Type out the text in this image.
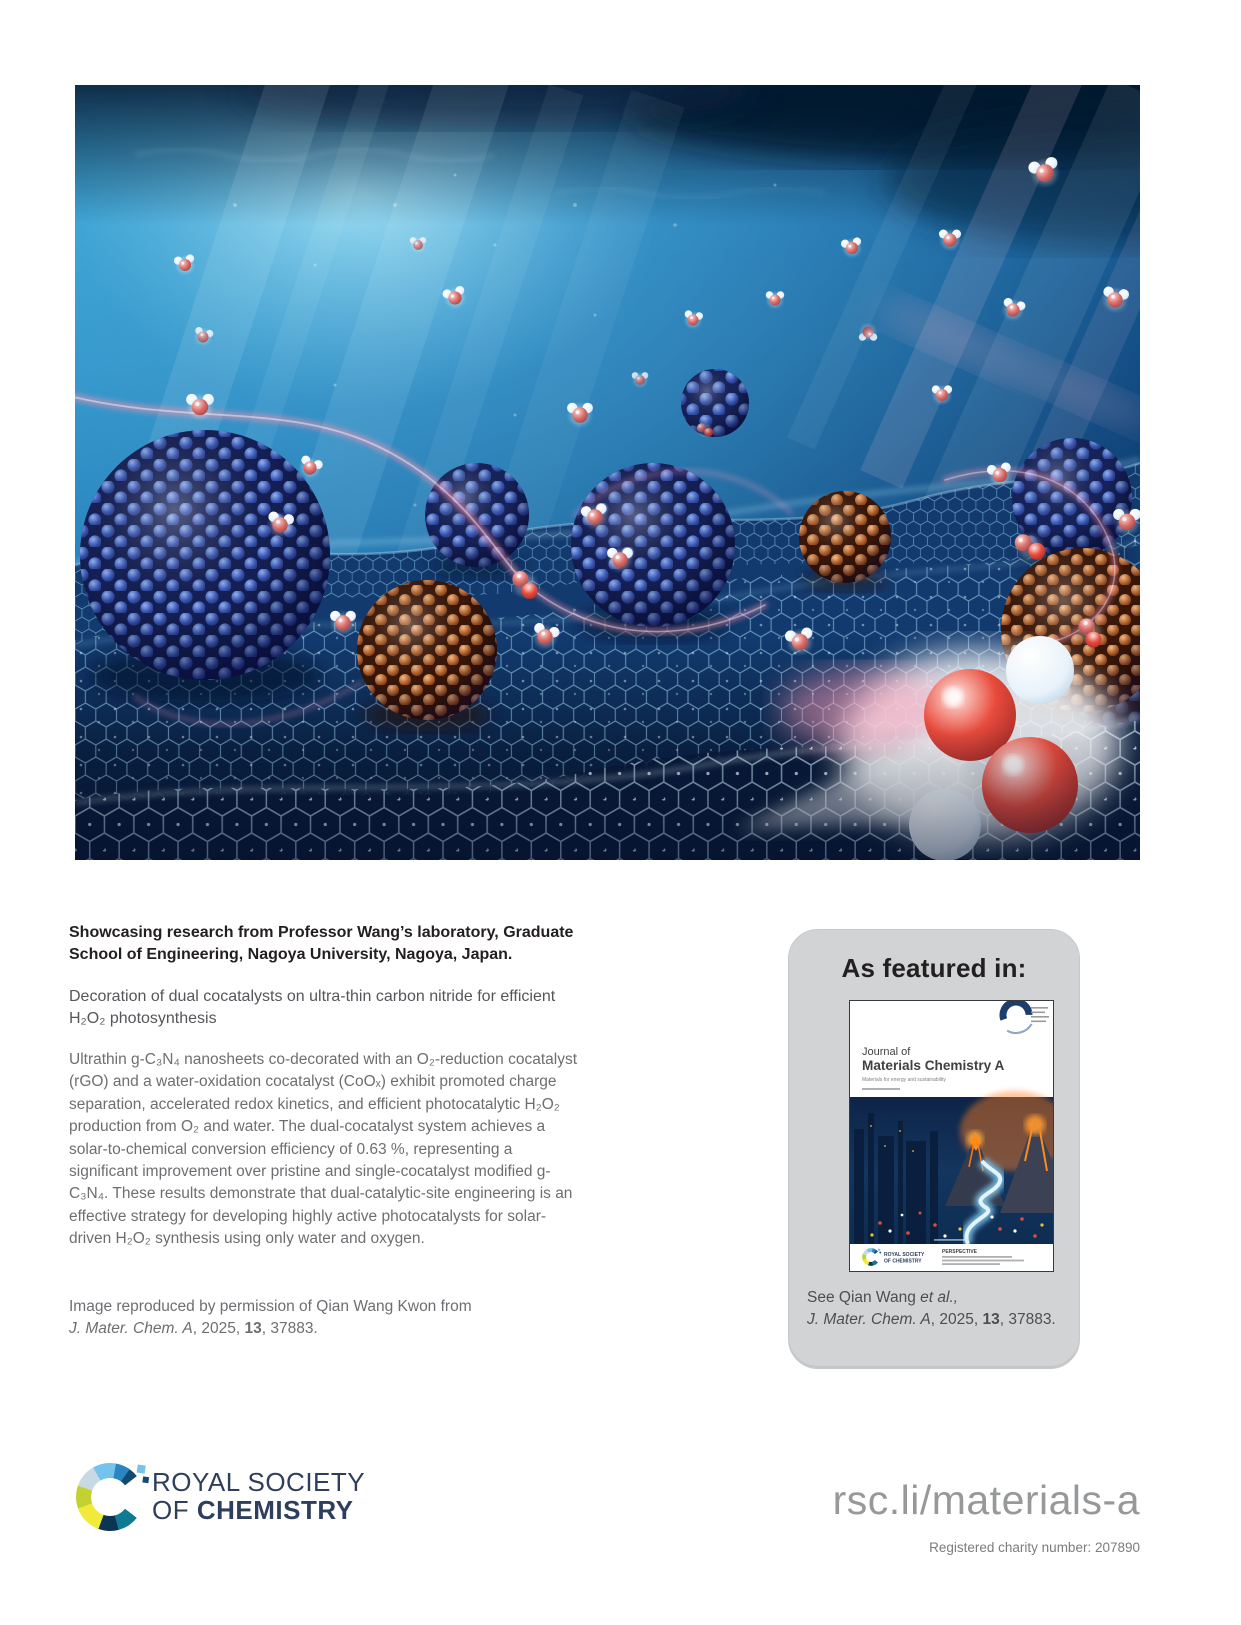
Showcasing research from Professor Wang’s laboratory, Graduate School of Engineering, Nagoya University, Nagoya, Japan.
Decoration of dual cocatalysts on ultra-thin carbon nitride for efficient H₂O₂ photosynthesis
Ultrathin g-C₃N₄ nanosheets co-decorated with an O₂-reduction cocatalyst (rGO) and a water-oxidation cocatalyst (CoOₓ) exhibit promoted charge separation, accelerated redox kinetics, and efficient photocatalytic H₂O₂ production from O₂ and water. The dual-cocatalyst system achieves a solar-to-chemical conversion efficiency of 0.63 %, representing a significant improvement over pristine and single-cocatalyst modified g-C₃N₄. These results demonstrate that dual-catalytic-site engineering is an effective strategy for developing highly active photocatalysts for solar-driven H₂O₂ synthesis using only water and oxygen.
Image reproduced by permission of Qian Wang Kwon from
J. Mater. Chem. A, 2025, 13, 37883.
As featured in:
Journal of
Materials Chemistry A
Materials for energy and sustainability
ROYAL SOCIETY
OF CHEMISTRY
PERSPECTIVE
See Qian Wang et al.,
J. Mater. Chem. A, 2025, 13, 37883.
ROYAL SOCIETY
OF CHEMISTRY	rsc.li/materials-a
Registered charity number: 207890
